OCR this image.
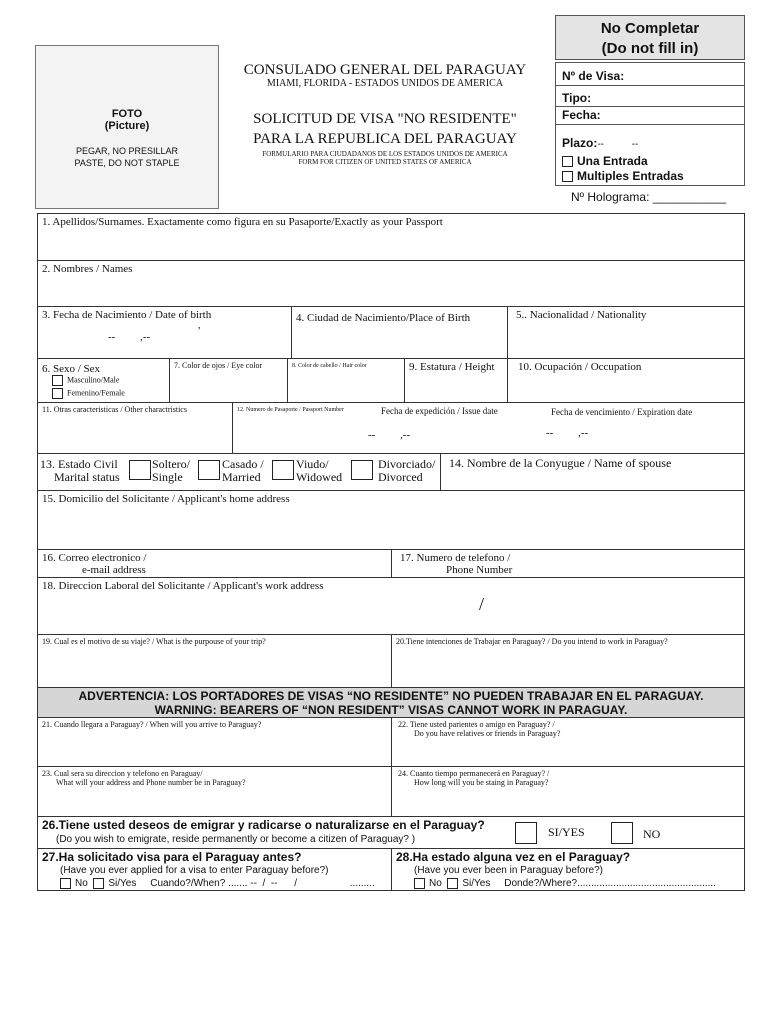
FOTO
(Picture)
PEGAR, NO PRESILLAR
PASTE, DO NOT STAPLE
CONSULADO GENERAL DEL PARAGUAY
MIAMI, FLORIDA - ESTADOS UNIDOS DE AMERICA
SOLICITUD DE VISA "NO RESIDENTE"
PARA LA REPUBLICA DEL PARAGUAY
FORMULARIO PARA CIUDADANOS DE LOS ESTADOS UNIDOS DE AMERICA
FORM FOR CITIZEN OF UNITED STATES OF AMERICA
No Completar
(Do not fill in)
Nº de Visa:
Tipo:
Fecha:
Plazo:--          --
Una Entrada
Multiples Entradas
Nº Holograma: ___________
1. Apellidos/Surnames. Exactamente como figura en su Pasaporte/Exactly as your Passport
2. Nombres / Names
3. Fecha de Nacimiento / Date of birth
,
--         ,--
4. Ciudad de Nacimiento/Place of Birth	5.. Nacionalidad / Nationality
6. Sexo / Sex
Masculino/Male
Femenino/Female
7. Color de ojos / Eye color	8. Color de cabello / Hair color	9. Estatura / Height	10. Ocupación / Occupation
11. Otras caracteristicas / Other charactristics	12. Numero de Pasaporte / Passport Number	Fecha de expedición / Issue date
--         ,--
Fecha de vencimiento / Expiration date
--         ,--
13. Estado Civil
Marital status
Soltero/
Single
Casado /
Married
Viudo/
Widowed
Divorciado/
Divorced
14. Nombre de la Conyugue / Name of spouse
15. Domicilio del Solicitante / Applicant's home address
16. Correo electronico /
e-mail address
17. Numero de telefono /
Phone Number
18. Direccion Laboral del Solicitante / Applicant's work address
/
19. Cual es el motivo de su viaje? / What is the purpouse of your trip?	20.Tiene intenciones de Trabajar en Paraguay? / Do you intend to work in Paraguay?
ADVERTENCIA: LOS PORTADORES DE VISAS “NO RESIDENTE” NO PUEDEN TRABAJAR EN EL PARAGUAY.
WARNING: BEARERS OF “NON RESIDENT” VISAS CANNOT WORK IN PARAGUAY.
21. Cuando llegara a Paraguay? / When will you arrive to Paraguay?	22. Tiene usted parientes o amigo en Paraguay? /
Do you have relatives or friends in Paraguay?
23. Cual sera su direccion y telefono en Paraguay/
What will your address and Phone number be in Paraguay?
24. Cuanto tiempo permanecerá en Paraguay? /
How long will you be staing in Paraguay?
26.Tiene usted deseos de emigrar y radicarse o naturalizarse en el Paraguay?
(Do you wish to emigrate, reside permanently or become a citizen of Paraguay? )
SI/YES	NO
27.Ha solicitado visa para el Paraguay antes?
(Have you ever applied for a visa to enter Paraguay before?)
No Si/Yes Cuando?/When? ....... --  /  --      /                   .........
28.Ha estado alguna vez en el Paraguay?
(Have you ever been in Paraguay before?)
No Si/Yes Donde?/Where?..................................................
